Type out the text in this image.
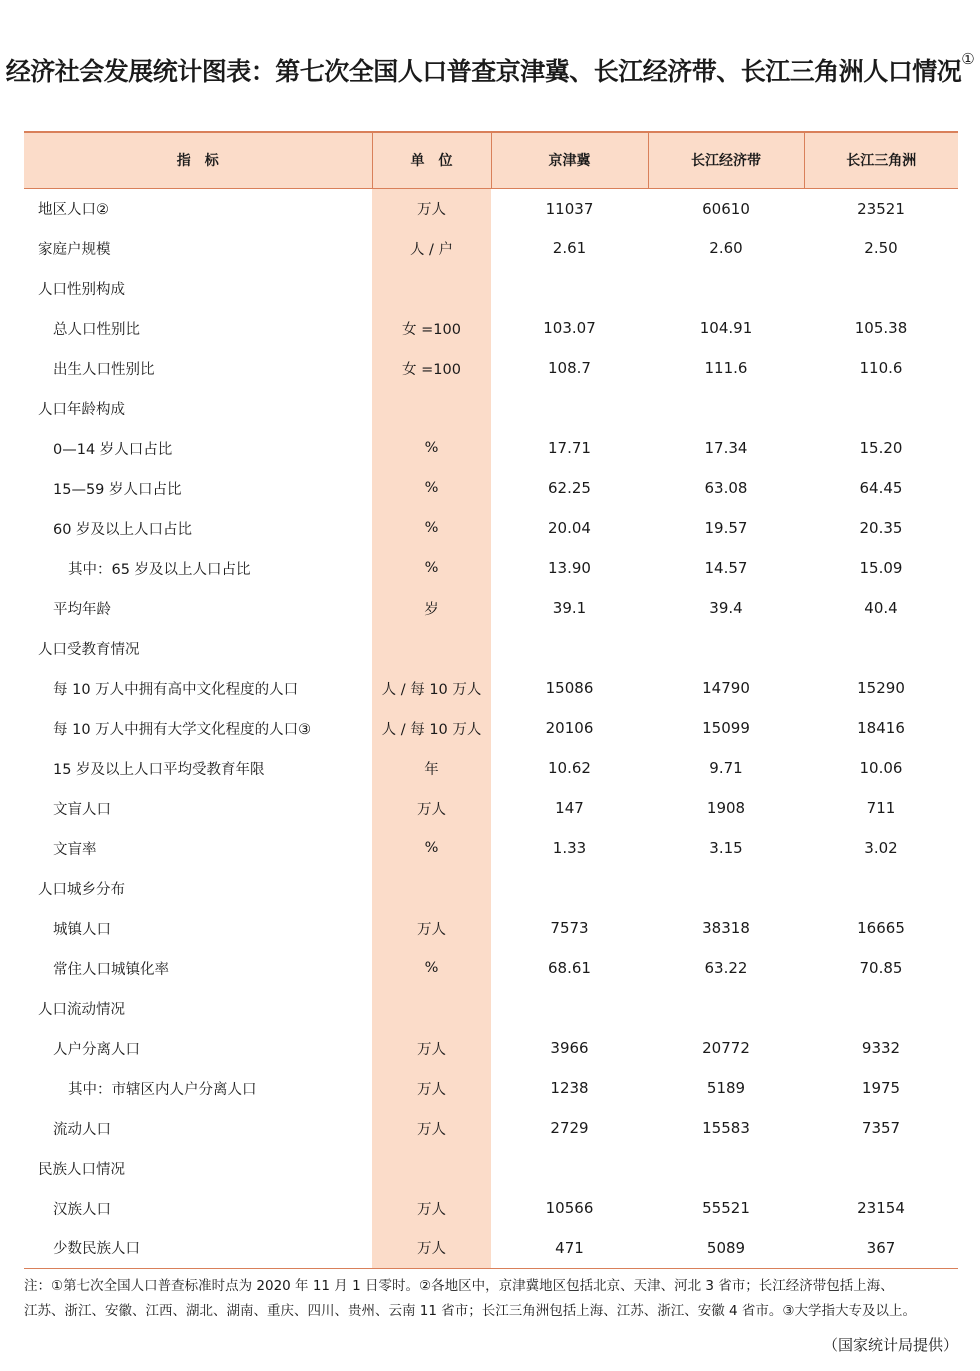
经济社会发展统计图表：第七次全国人口普查京津冀、长江经济带、长江三角洲人口情况①
指　标	单　位	京津冀	长江经济带	长江三角洲
地区人口②	万人	11037	60610	23521
家庭户规模	人 / 户	2.61	2.60	2.50
人口性别构成				
总人口性别比	女 =100	103.07	104.91	105.38
出生人口性别比	女 =100	108.7	111.6	110.6
人口年龄构成				
0—14 岁人口占比	%	17.71	17.34	15.20
15—59 岁人口占比	%	62.25	63.08	64.45
60 岁及以上人口占比	%	20.04	19.57	20.35
其中：65 岁及以上人口占比	%	13.90	14.57	15.09
平均年龄	岁	39.1	39.4	40.4
人口受教育情况				
每 10 万人中拥有高中文化程度的人口	人 / 每 10 万人	15086	14790	15290
每 10 万人中拥有大学文化程度的人口③	人 / 每 10 万人	20106	15099	18416
15 岁及以上人口平均受教育年限	年	10.62	9.71	10.06
文盲人口	万人	147	1908	711
文盲率	%	1.33	3.15	3.02
人口城乡分布				
城镇人口	万人	7573	38318	16665
常住人口城镇化率	%	68.61	63.22	70.85
人口流动情况				
人户分离人口	万人	3966	20772	9332
其中：市辖区内人户分离人口	万人	1238	5189	1975
流动人口	万人	2729	15583	7357
民族人口情况				
汉族人口	万人	10566	55521	23154
少数民族人口	万人	471	5089	367
注：①第七次全国人口普查标准时点为 2020 年 11 月 1 日零时。②各地区中，京津冀地区包括北京、天津、河北 3 省市；长江经济带包括上海、
江苏、浙江、安徽、江西、湖北、湖南、重庆、四川、贵州、云南 11 省市；长江三角洲包括上海、江苏、浙江、安徽 4 省市。③大学指大专及以上。
（国家统计局提供）
